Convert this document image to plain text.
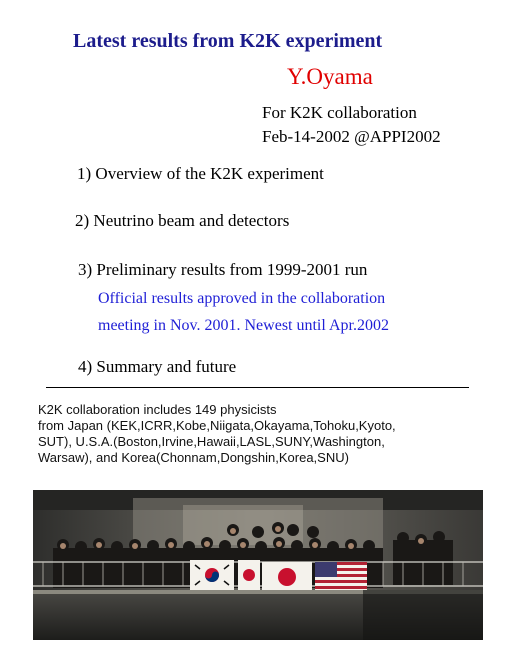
Latest results from K2K experiment
Y.Oyama
For K2K collaboration
Feb-14-2002 @APPI2002
1) Overview of the K2K experiment
2) Neutrino beam and detectors
3) Preliminary results from 1999-2001 run
Official results approved in the collaboration
meeting in Nov. 2001. Newest until Apr.2002
4) Summary and future
K2K collaboration includes 149 physicists
from Japan (KEK,ICRR,Kobe,Niigata,Okayama,Tohoku,Kyoto,
SUT), U.S.A.(Boston,Irvine,Hawaii,LASL,SUNY,Washington,
Warsaw), and Korea(Chonnam,Dongshin,Korea,SNU)
